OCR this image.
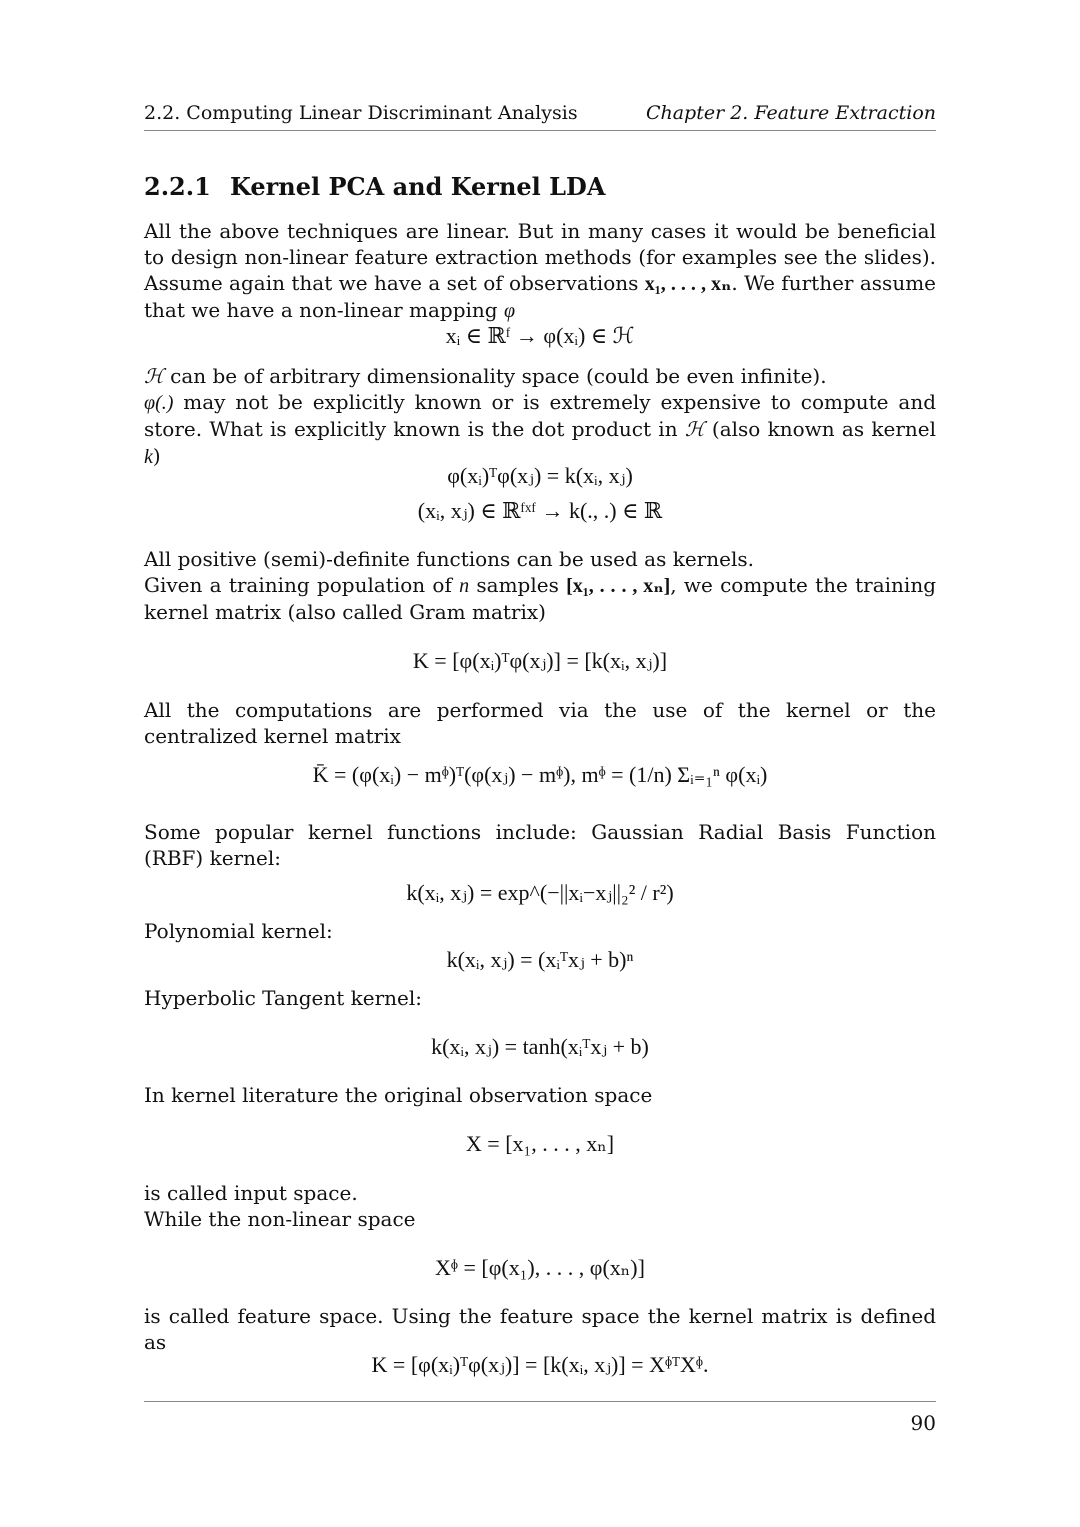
2.2. Computing Linear Discriminant Analysis	Chapter 2. Feature Extraction
2.2.1 Kernel PCA and Kernel LDA

All the above techniques are linear. But in many cases it would be beneficial to design non-linear feature extraction methods (for examples see the slides). Assume again that we have a set of observations x₁, . . . , xₙ. We further assume that we have a non-linear mapping φ

xᵢ ∈ ℝᶠ → φ(xᵢ) ∈ ℋ

ℋ can be of arbitrary dimensionality space (could be even infinite).

φ(.) may not be explicitly known or is extremely expensive to compute and store. What is explicitly known is the dot product in ℋ (also known as kernel k)

φ(xᵢ)ᵀφ(xⱼ) = k(xᵢ, xⱼ)

(xᵢ, xⱼ) ∈ ℝᶠˣᶠ → k(., .) ∈ ℝ

All positive (semi)-definite functions can be used as kernels.

Given a training population of n samples [x₁, . . . , xₙ], we compute the training kernel matrix (also called Gram matrix)

K = [φ(xᵢ)ᵀφ(xⱼ)] = [k(xᵢ, xⱼ)]

All the computations are performed via the use of the kernel or the centralized kernel matrix

K̄ = (φ(xᵢ) − mᶲ)ᵀ(φ(xⱼ) − mᶲ), mᶲ = (1/n) Σᵢ₌₁ⁿ φ(xᵢ)

Some popular kernel functions include: Gaussian Radial Basis Function (RBF) kernel:

k(xᵢ, xⱼ) = exp^(−||xᵢ−xⱼ||₂² / r²)

Polynomial kernel:

k(xᵢ, xⱼ) = (xᵢᵀxⱼ + b)ⁿ

Hyperbolic Tangent kernel:

k(xᵢ, xⱼ) = tanh(xᵢᵀxⱼ + b)

In kernel literature the original observation space

X = [x₁, . . . , xₙ]

is called input space.

While the non-linear space

Xᶲ = [φ(x₁), . . . , φ(xₙ)]

is called feature space. Using the feature space the kernel matrix is defined as

K = [φ(xᵢ)ᵀφ(xⱼ)] = [k(xᵢ, xⱼ)] = XᶲᵀXᶲ.

90
